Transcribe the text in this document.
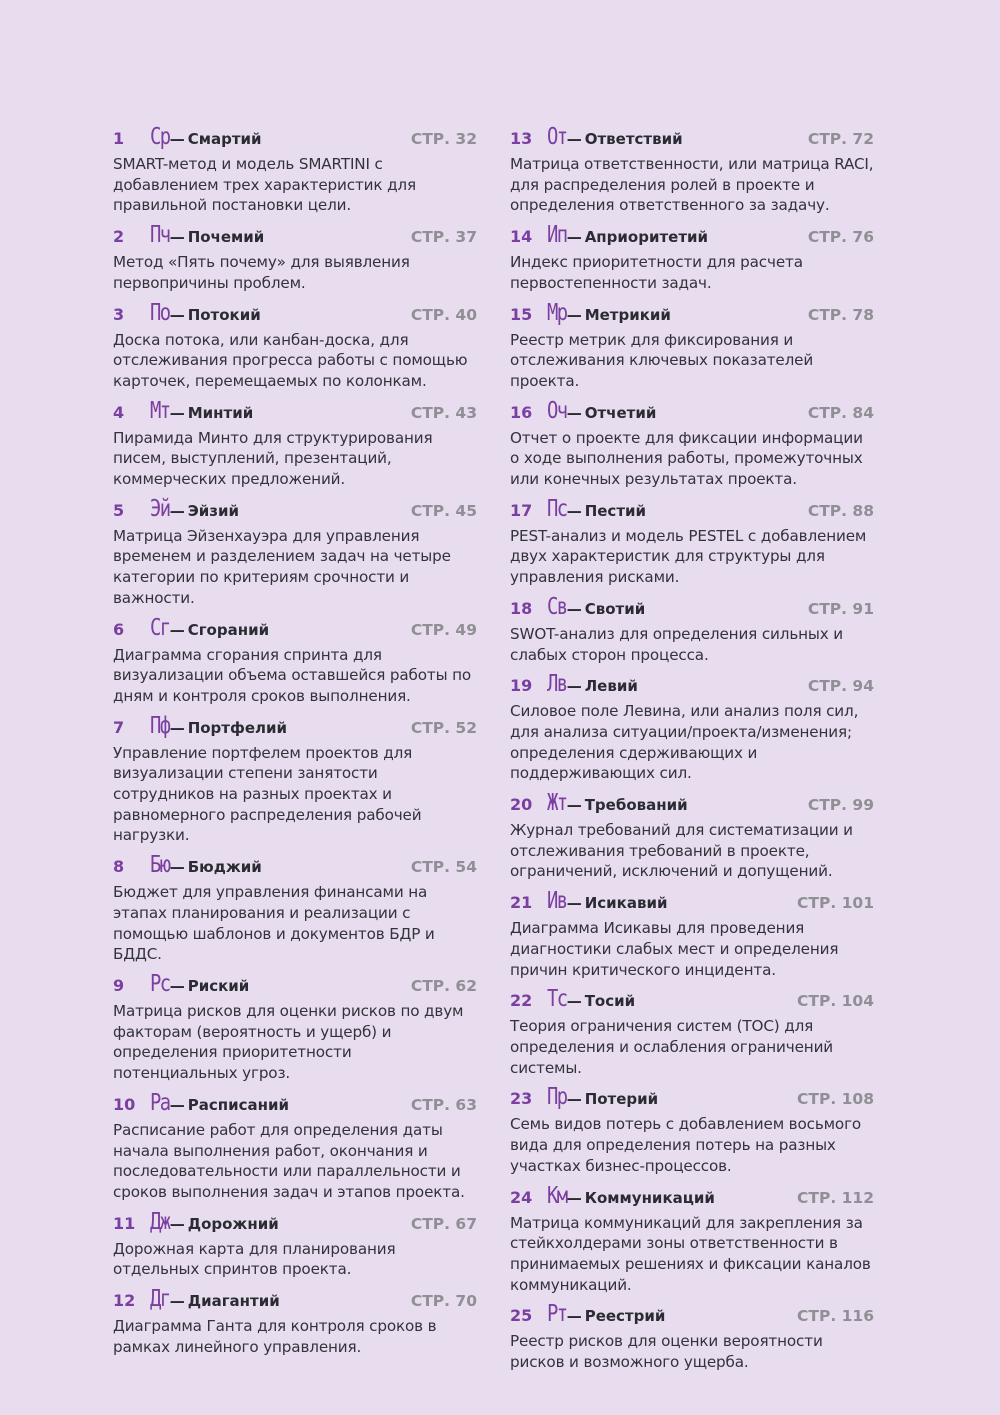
1	Ср — Смартий	СТР. 32
SMART-метод и модель SMARTINI с добавлением трех характеристик для правильной постановки цели.
2	Пч — Почемий	СТР. 37
Метод «Пять почему» для выявления первопричины проблем.
3	По — Потокий	СТР. 40
Доска потока, или канбан-доска, для отслеживания прогресса работы с помощью карточек, перемещаемых по колонкам.
4	Мт — Минтий	СТР. 43
Пирамида Минто для структурирования писем, выступлений, презентаций, коммерческих предложений.
5	Эй — Эйзий	СТР. 45
Матрица Эйзенхауэра для управления временем и разделением задач на четыре категории по критериям срочности и важности.
6	Сг — Сгораний	СТР. 49
Диаграмма сгорания спринта для визуализации объема оставшейся работы по дням и контроля сроков выполнения.
7	Пф — Портфелий	СТР. 52
Управление портфелем проектов для визуализации степени занятости сотрудников на разных проектах и равномерного распределения рабочей нагрузки.
8	Бю — Бюджий	СТР. 54
Бюджет для управления финансами на этапах планирования и реализации с помощью шаблонов и документов БДР и БДДС.
9	Рс — Риский	СТР. 62
Матрица рисков для оценки рисков по двум факторам (вероятность и ущерб) и определения приоритетности потенциальных угроз.
10 Ра — Расписаний	СТР. 63
Расписание работ для определения даты начала выполнения работ, окончания и последовательности или параллельности и сроков выполнения задач и этапов проекта.
11 Дж — Дорожний	СТР. 67
Дорожная карта для планирования отдельных спринтов проекта.
12 Дг — Диагантий	СТР. 70
Диаграмма Ганта для контроля сроков в рамках линейного управления.
13 От — Ответствий	СТР. 72
Матрица ответственности, или матрица RACI, для распределения ролей в проекте и определения ответственного за задачу.
14 Ип — Априоритетий	СТР. 76
Индекс приоритетности для расчета первостепенности задач.
15 Мр — Метрикий	СТР. 78
Реестр метрик для фиксирования и отслеживания ключевых показателей проекта.
16 Оч — Отчетий	СТР. 84
Отчет о проекте для фиксации информации о ходе выполнения работы, промежуточных или конечных результатах проекта.
17 Пс — Пестий	СТР. 88
PEST-анализ и модель PESTEL с добавлением двух характеристик для структуры для управления рисками.
18 Св — Свотий	СТР. 91
SWOT-анализ для определения сильных и слабых сторон процесса.
19 Лв — Левий	СТР. 94
Силовое поле Левина, или анализ поля сил, для анализа ситуации/проекта/изменения; определения сдерживающих и поддерживающих сил.
20 Жт — Требований	СТР. 99
Журнал требований для систематизации и отслеживания требований в проекте, ограничений, исключений и допущений.
21 Ив — Исикавий	СТР. 101
Диаграмма Исикавы для проведения диагностики слабых мест и определения причин критического инцидента.
22 Тс — Тосий	СТР. 104
Теория ограничения систем (ТОС) для определения и ослабления ограничений системы.
23 Пр — Потерий	СТР. 108
Семь видов потерь с добавлением восьмого вида для определения потерь на разных участках бизнес-процессов.
24 Км — Коммуникаций	СТР. 112
Матрица коммуникаций для закрепления за стейкхолдерами зоны ответственности в принимаемых решениях и фиксации каналов коммуникаций.
25 Рт — Реестрий	СТР. 116
Реестр рисков для оценки вероятности рисков и возможного ущерба.
